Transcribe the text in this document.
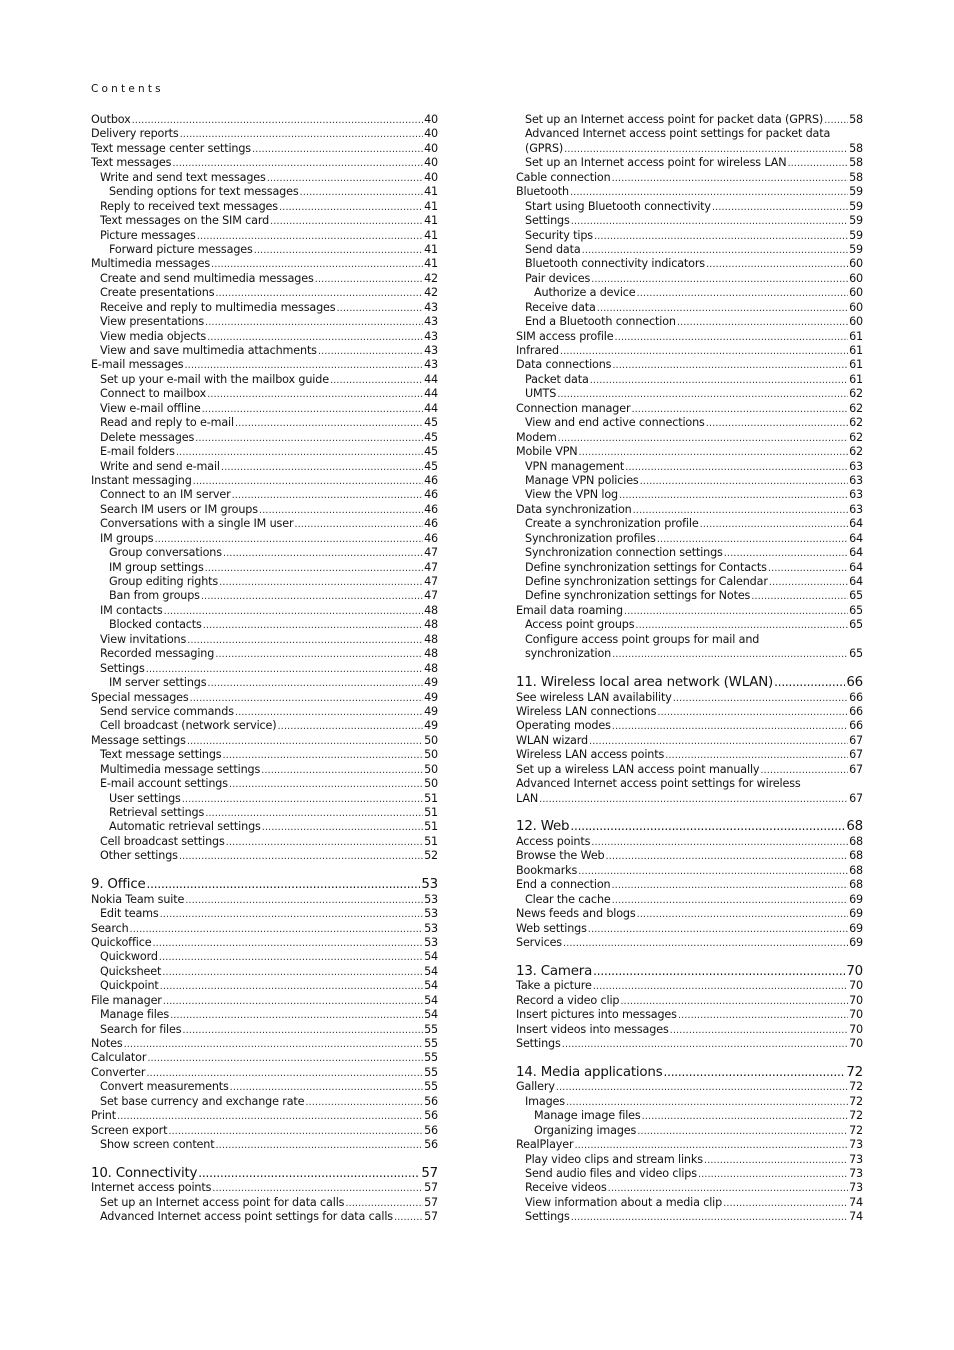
Contents
Outbox .....	40
Delivery reports .....	40
Text message center settings .....	40
Text messages .....	40
Write and send text messages .....	40
Sending options for text messages .....	41
Reply to received text messages .....	41
Text messages on the SIM card .....	41
Picture messages .....	41
Forward picture messages .....	41
Multimedia messages .....	41
Create and send multimedia messages .....	42
Create presentations .....	42
Receive and reply to multimedia messages .....	43
View presentations .....	43
View media objects .....	43
View and save multimedia attachments .....	43
E-mail messages .....	43
Set up your e-mail with the mailbox guide .....	44
Connect to mailbox .....	44
View e-mail offline .....	44
Read and reply to e-mail .....	45
Delete messages .....	45
E-mail folders .....	45
Write and send e-mail .....	45
Instant messaging .....	46
Connect to an IM server .....	46
Search IM users or IM groups .....	46
Conversations with a single IM user .....	46
IM groups .....	46
Group conversations .....	47
IM group settings .....	47
Group editing rights .....	47
Ban from groups .....	47
IM contacts .....	48
Blocked contacts .....	48
View invitations .....	48
Recorded messaging .....	48
Settings .....	48
IM server settings .....	49
Special messages .....	49
Send service commands .....	49
Cell broadcast (network service) .....	49
Message settings .....	50
Text message settings .....	50
Multimedia message settings .....	50
E-mail account settings .....	50
User settings .....	51
Retrieval settings .....	51
Automatic retrieval settings .....	51
Cell broadcast settings .....	51
Other settings .....	52
9. Office .....	53
Nokia Team suite .....	53
Edit teams .....	53
Search .....	53
Quickoffice .....	53
Quickword .....	54
Quicksheet .....	54
Quickpoint .....	54
File manager .....	54
Manage files .....	54
Search for files .....	55
Notes .....	55
Calculator .....	55
Converter .....	55
Convert measurements .....	55
Set base currency and exchange rate .....	56
Print .....	56
Screen export .....	56
Show screen content .....	56
10. Connectivity .....	57
Internet access points .....	57
Set up an Internet access point for data calls .....	57
Advanced Internet access point settings for data calls .....	57
Set up an Internet access point for packet data (GPRS) ..... 58
Advanced Internet access point settings for packet data
(GPRS) .....	58
Set up an Internet access point for wireless LAN .....	58
Cable connection .....	58
Bluetooth .....	59
Start using Bluetooth connectivity .....	59
Settings .....	59
Security tips .....	59
Send data .....	59
Bluetooth connectivity indicators .....	60
Pair devices .....	60
Authorize a device .....	60
Receive data .....	60
End a Bluetooth connection .....	60
SIM access profile .....	61
Infrared .....	61
Data connections .....	61
Packet data .....	61
UMTS .....	62
Connection manager .....	62
View and end active connections .....	62
Modem .....	62
Mobile VPN .....	62
VPN management .....	63
Manage VPN policies .....	63
View the VPN log .....	63
Data synchronization .....	63
Create a synchronization profile .....	64
Synchronization profiles .....	64
Synchronization connection settings .....	64
Define synchronization settings for Contacts .....	64
Define synchronization settings for Calendar .....	64
Define synchronization settings for Notes .....	65
Email data roaming .....	65
Access point groups .....	65
Configure access point groups for mail and
synchronization .....	65
11. Wireless local area network (WLAN) .....	66
See wireless LAN availability .....	66
Wireless LAN connections .....	66
Operating modes .....	66
WLAN wizard .....	67
Wireless LAN access points .....	67
Set up a wireless LAN access point manually .....	67
Advanced Internet access point settings for wireless
LAN .....	67
12. Web .....	68
Access points .....	68
Browse the Web .....	68
Bookmarks .....	68
End a connection .....	68
Clear the cache .....	69
News feeds and blogs .....	69
Web settings .....	69
Services .....	69
13. Camera .....	70
Take a picture .....	70
Record a video clip .....	70
Insert pictures into messages .....	70
Insert videos into messages .....	70
Settings .....	70
14. Media applications .....	72
Gallery .....	72
Images .....	72
Manage image files .....	72
Organizing images .....	72
RealPlayer .....	73
Play video clips and stream links .....	73
Send audio files and video clips .....	73
Receive videos .....	73
View information about a media clip .....	74
Settings .....	74
